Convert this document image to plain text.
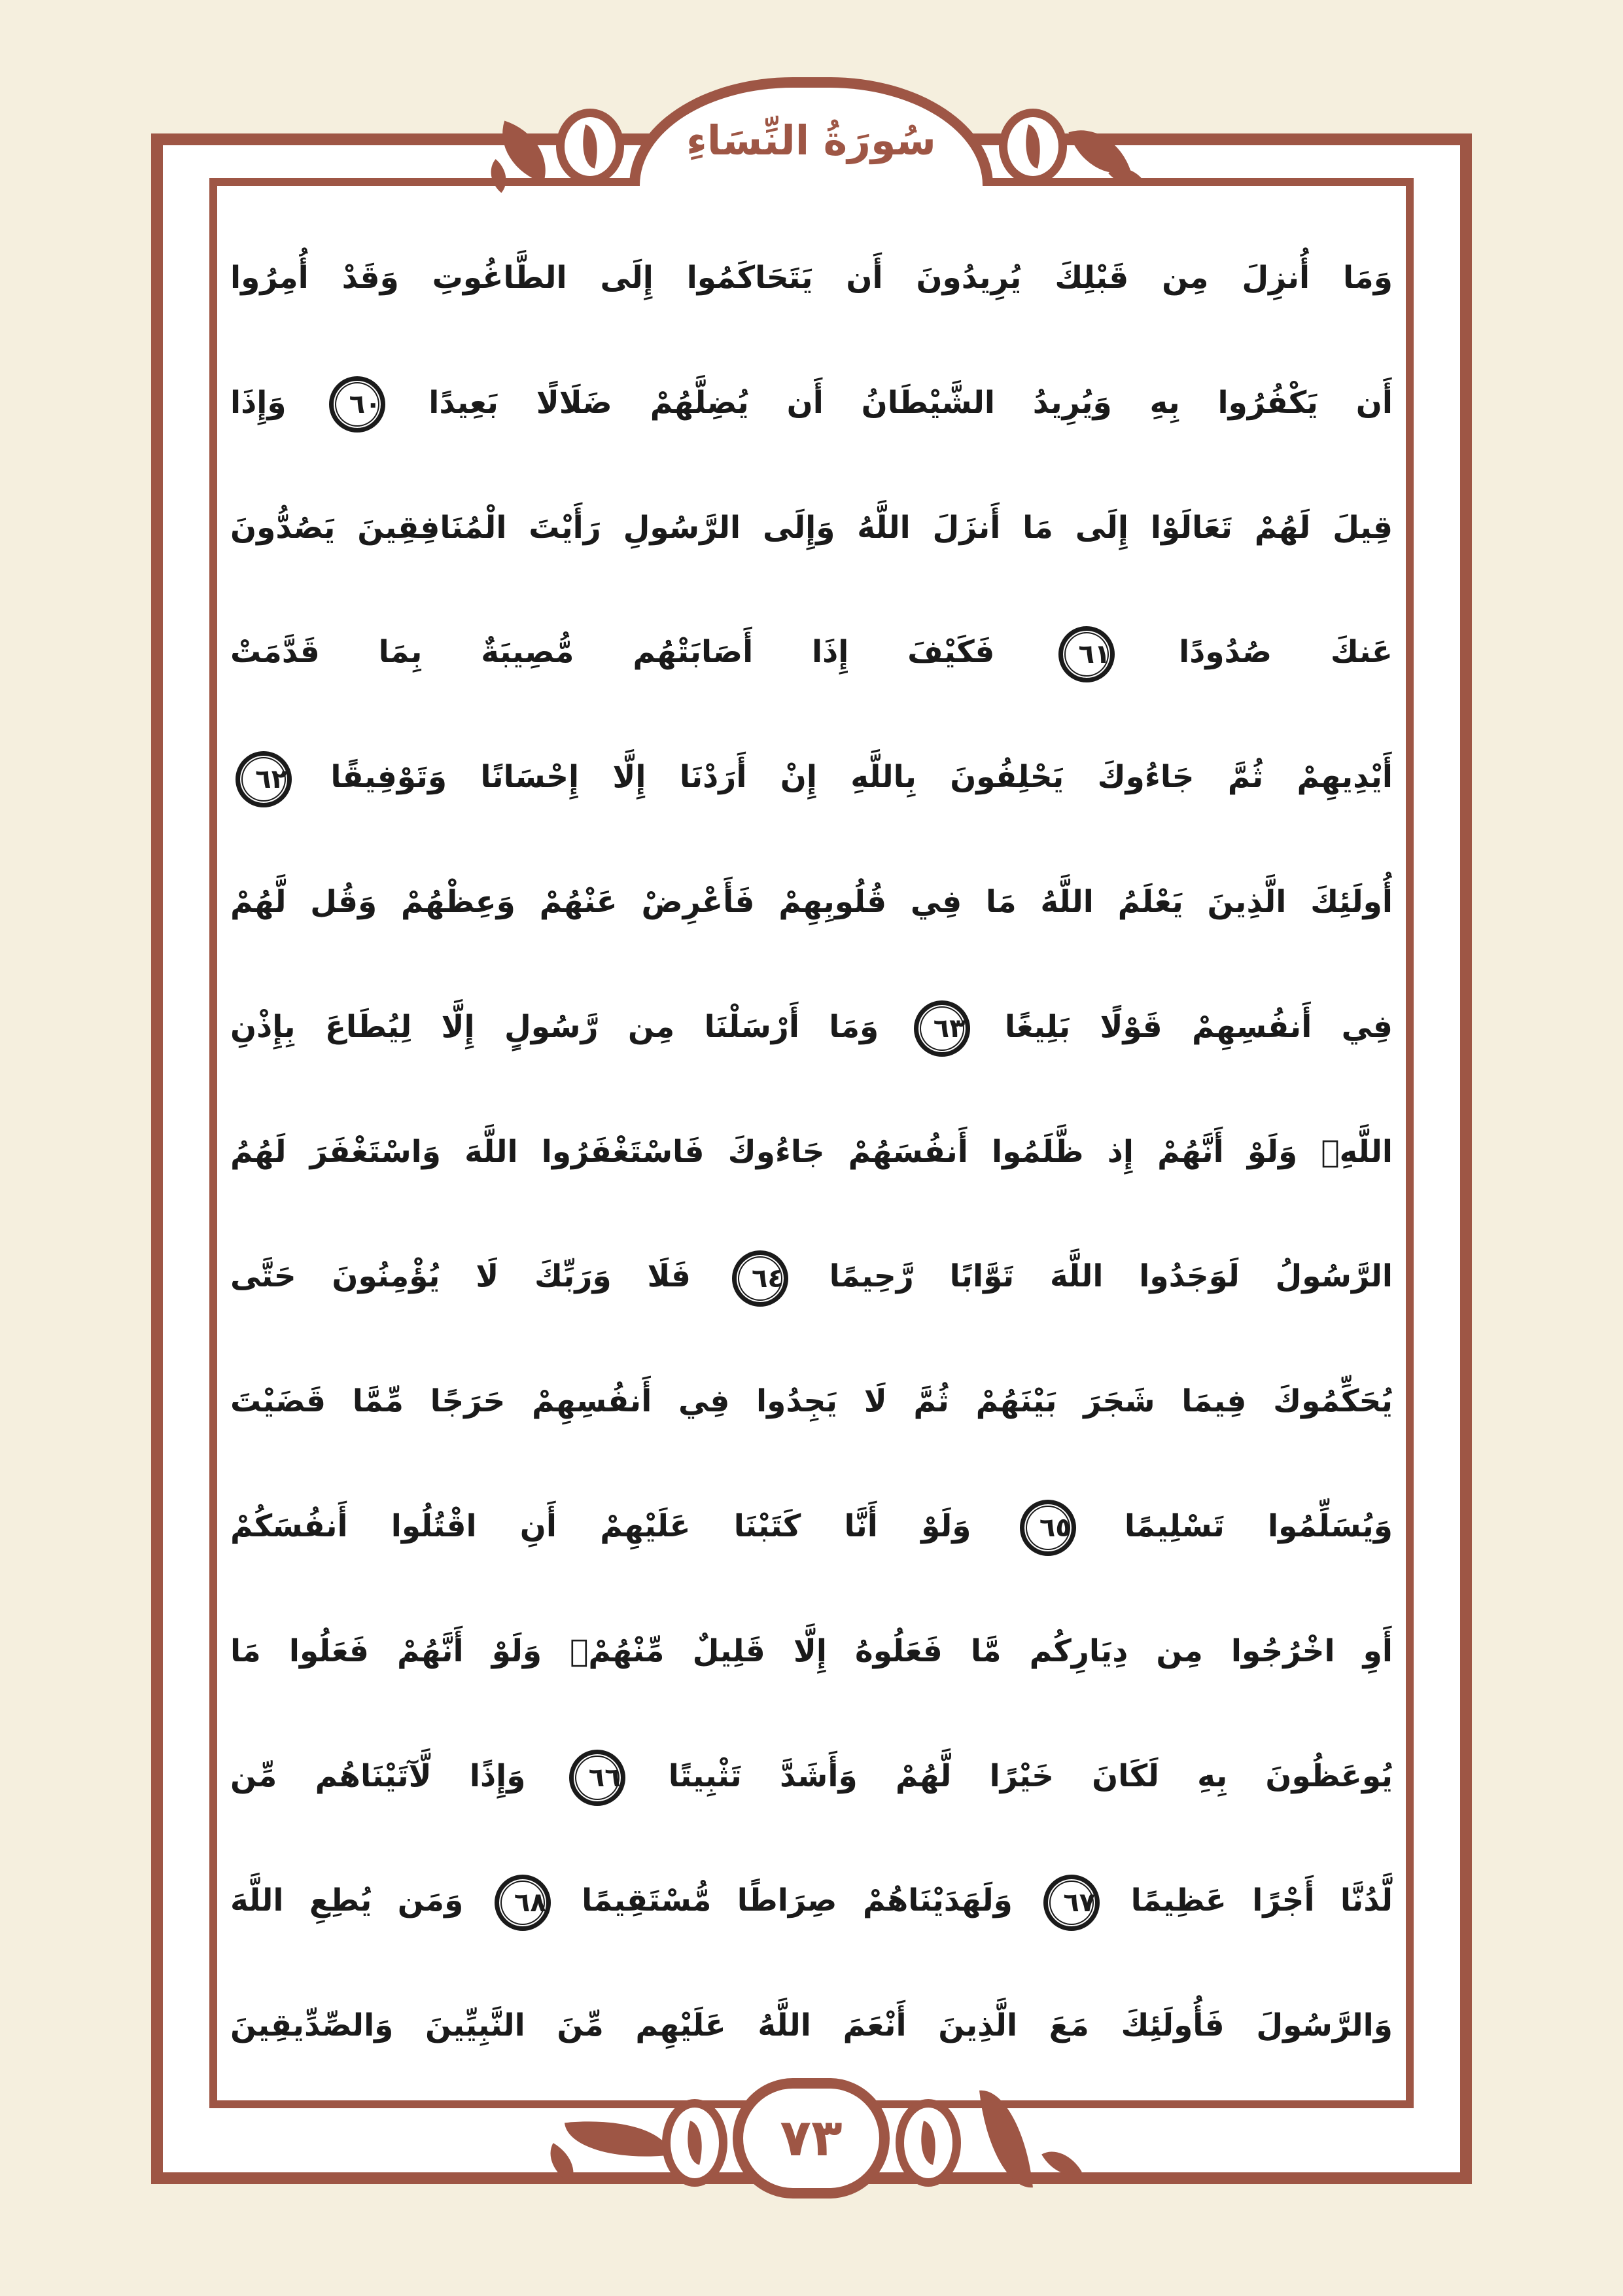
سُورَةُ النِّسَاءِ
وَمَا أُنزِلَ مِن قَبْلِكَ يُرِيدُونَ أَن يَتَحَاكَمُوا إِلَى الطَّاغُوتِ وَقَدْ أُمِرُوا
أَن يَكْفُرُوا بِهِ وَيُرِيدُ الشَّيْطَانُ أَن يُضِلَّهُمْ ضَلَالًا بَعِيدًا ٦٠ وَإِذَا
قِيلَ لَهُمْ تَعَالَوْا إِلَى مَا أَنزَلَ اللَّهُ وَإِلَى الرَّسُولِ رَأَيْتَ الْمُنَافِقِينَ يَصُدُّونَ
عَنكَ صُدُودًا ٦١ فَكَيْفَ إِذَا أَصَابَتْهُم مُّصِيبَةٌ بِمَا قَدَّمَتْ
أَيْدِيهِمْ ثُمَّ جَاءُوكَ يَحْلِفُونَ بِاللَّهِ إِنْ أَرَدْنَا إِلَّا إِحْسَانًا وَتَوْفِيقًا ٦٢
أُولَئِكَ الَّذِينَ يَعْلَمُ اللَّهُ مَا فِي قُلُوبِهِمْ فَأَعْرِضْ عَنْهُمْ وَعِظْهُمْ وَقُل لَّهُمْ
فِي أَنفُسِهِمْ قَوْلًا بَلِيغًا ٦٣ وَمَا أَرْسَلْنَا مِن رَّسُولٍ إِلَّا لِيُطَاعَ بِإِذْنِ
اللَّهِۚ وَلَوْ أَنَّهُمْ إِذ ظَّلَمُوا أَنفُسَهُمْ جَاءُوكَ فَاسْتَغْفَرُوا اللَّهَ وَاسْتَغْفَرَ لَهُمُ
الرَّسُولُ لَوَجَدُوا اللَّهَ تَوَّابًا رَّحِيمًا ٦٤ فَلَا وَرَبِّكَ لَا يُؤْمِنُونَ حَتَّى
يُحَكِّمُوكَ فِيمَا شَجَرَ بَيْنَهُمْ ثُمَّ لَا يَجِدُوا فِي أَنفُسِهِمْ حَرَجًا مِّمَّا قَضَيْتَ
وَيُسَلِّمُوا تَسْلِيمًا ٦٥ وَلَوْ أَنَّا كَتَبْنَا عَلَيْهِمْ أَنِ اقْتُلُوا أَنفُسَكُمْ
أَوِ اخْرُجُوا مِن دِيَارِكُم مَّا فَعَلُوهُ إِلَّا قَلِيلٌ مِّنْهُمْۖ وَلَوْ أَنَّهُمْ فَعَلُوا مَا
يُوعَظُونَ بِهِ لَكَانَ خَيْرًا لَّهُمْ وَأَشَدَّ تَثْبِيتًا ٦٦ وَإِذًا لَّآتَيْنَاهُم مِّن
لَّدُنَّا أَجْرًا عَظِيمًا ٦٧ وَلَهَدَيْنَاهُمْ صِرَاطًا مُّسْتَقِيمًا ٦٨ وَمَن يُطِعِ اللَّهَ
وَالرَّسُولَ فَأُولَئِكَ مَعَ الَّذِينَ أَنْعَمَ اللَّهُ عَلَيْهِم مِّنَ النَّبِيِّينَ وَالصِّدِّيقِينَ
٧٣
